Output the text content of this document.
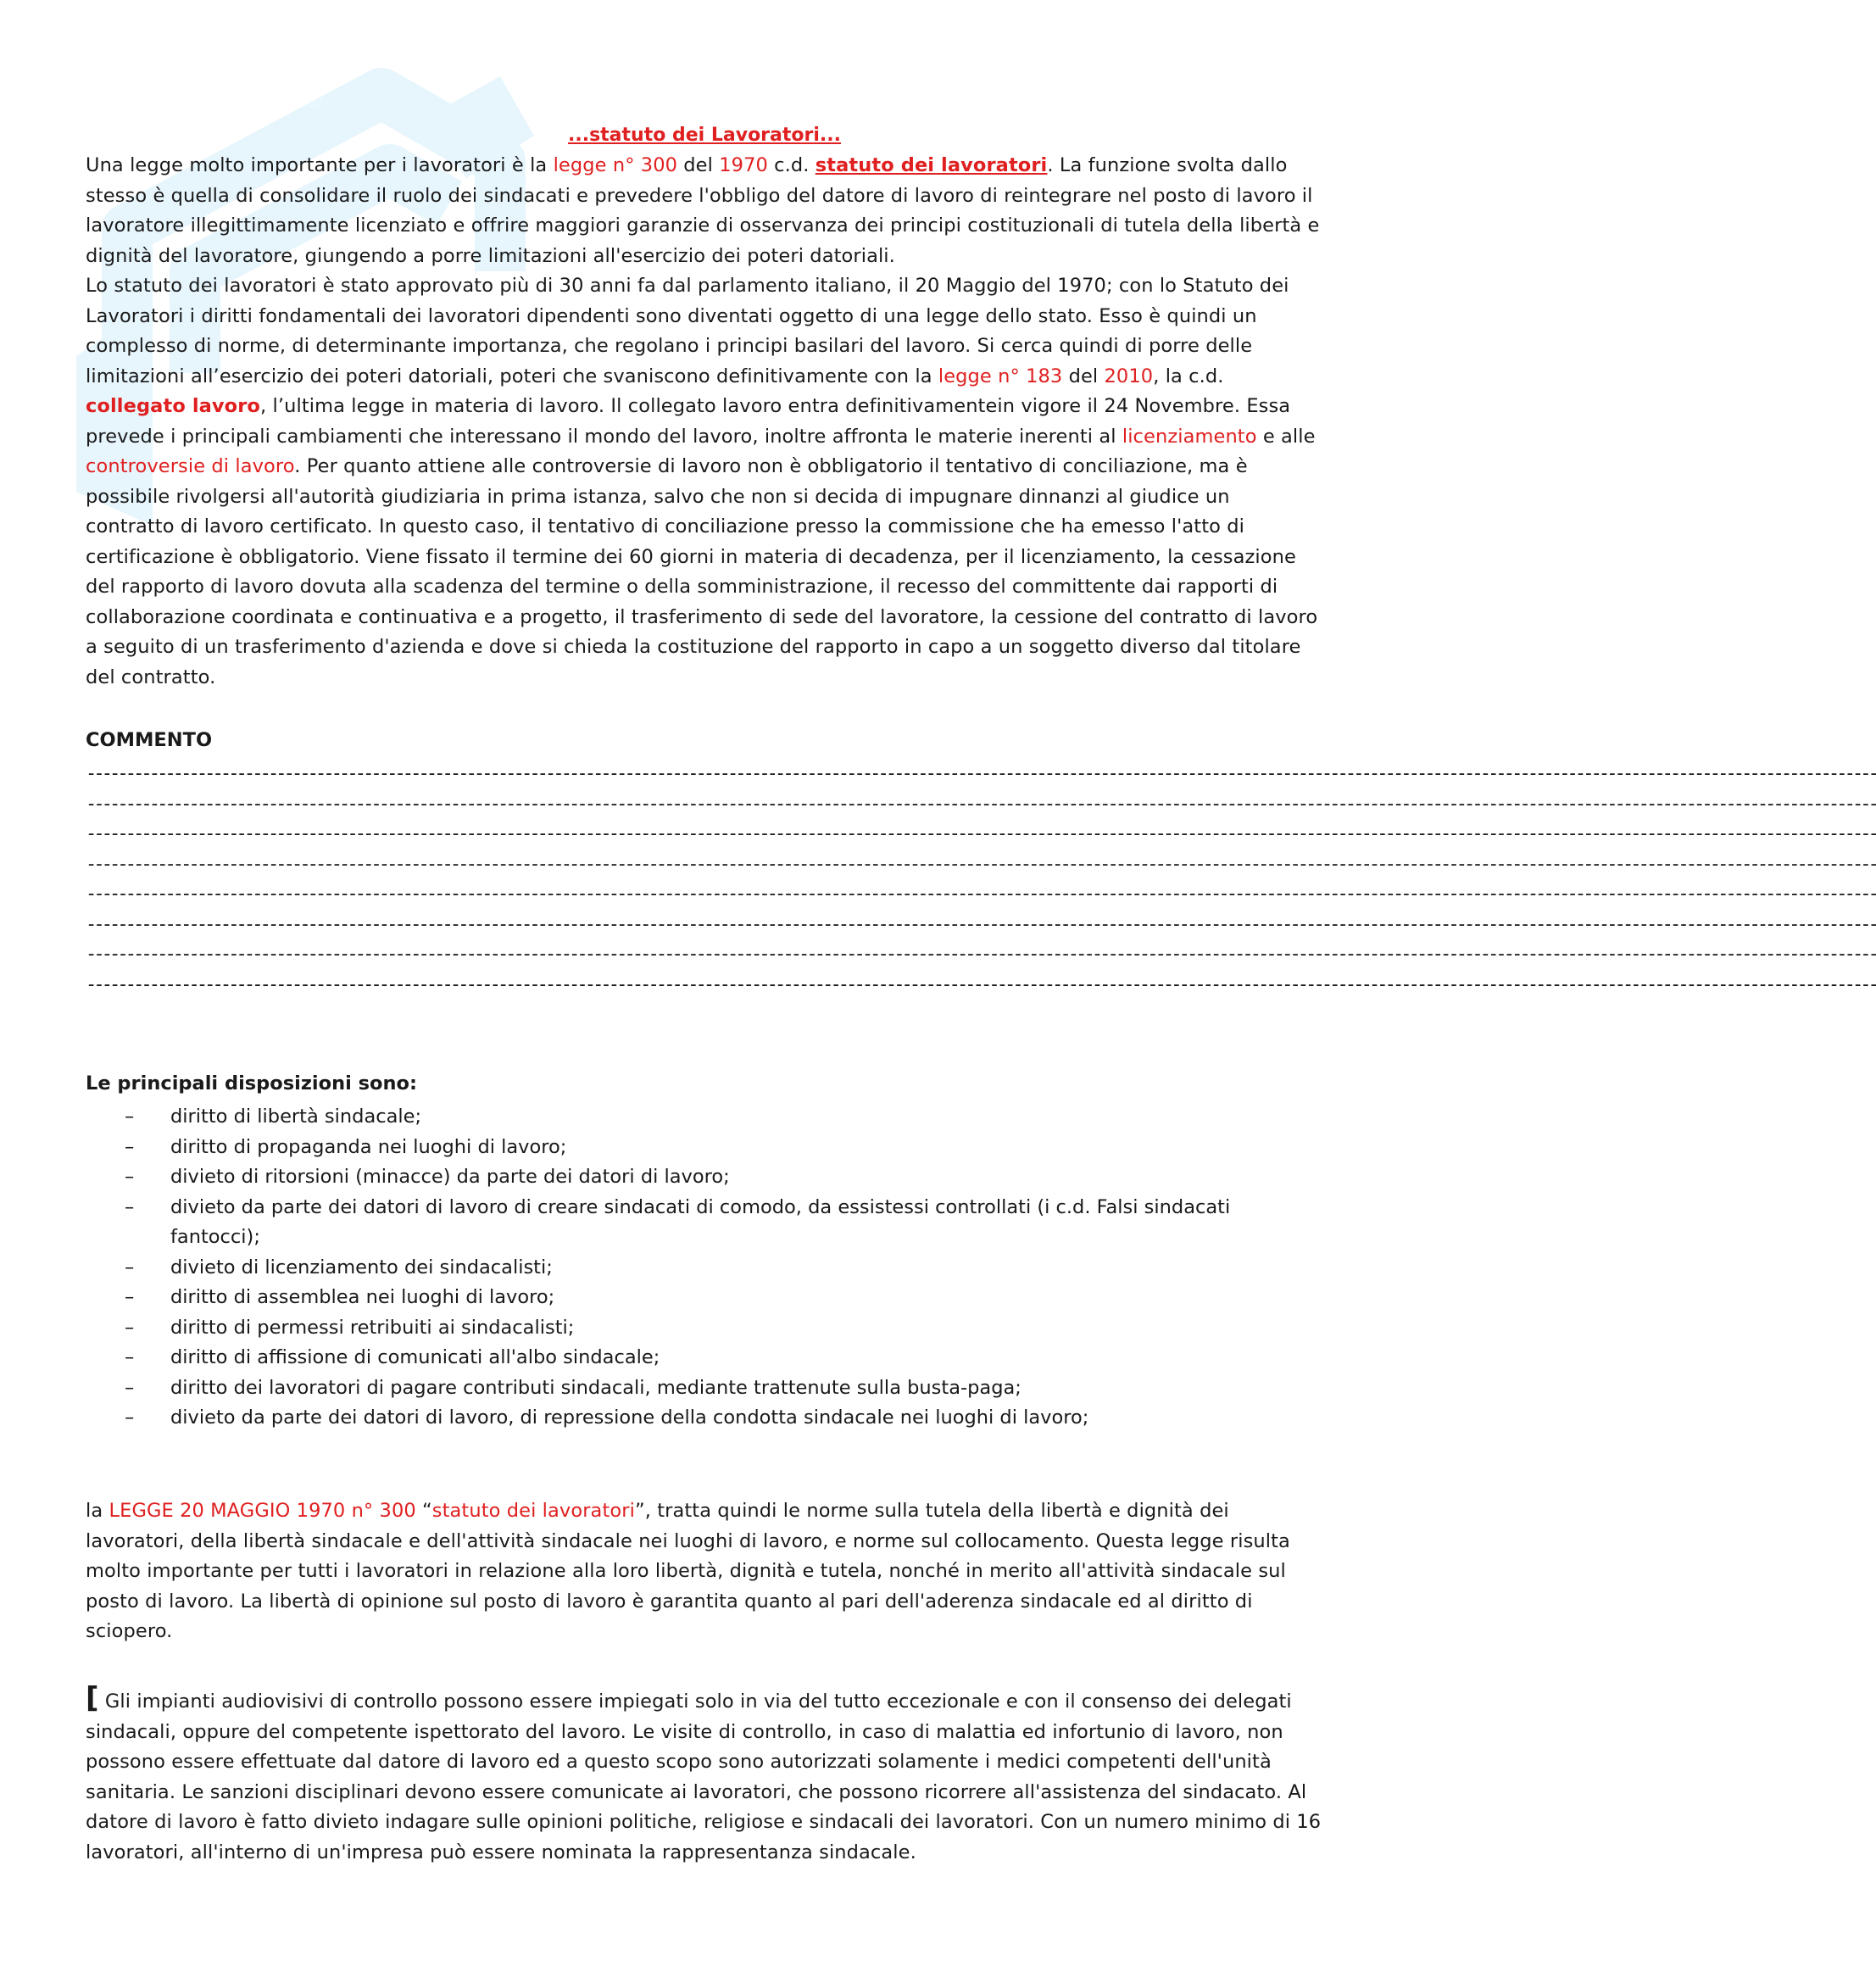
...statuto dei Lavoratori...

Una legge molto importante per i lavoratori è la legge n° 300 del 1970 c.d. statuto dei lavoratori. La funzione svolta dallo stesso è quella di consolidare il ruolo dei sindacati e prevedere l'obbligo del datore di lavoro di reintegrare nel posto di lavoro il lavoratore illegittimamente licenziato e offrire maggiori garanzie di osservanza dei principi costituzionali di tutela della libertà e dignità del lavoratore, giungendo a porre limitazioni all'esercizio dei poteri datoriali.

Lo statuto dei lavoratori è stato approvato più di 30 anni fa dal parlamento italiano, il 20 Maggio del 1970; con lo Statuto dei Lavoratori i diritti fondamentali dei lavoratori dipendenti sono diventati oggetto di una legge dello stato. Esso è quindi un complesso di norme, di determinante importanza, che regolano i principi basilari del lavoro. Si cerca quindi di porre delle limitazioni all’esercizio dei poteri datoriali, poteri che svaniscono definitivamente con la legge n° 183 del 2010, la c.d. collegato lavoro, l’ultima legge in materia di lavoro. Il collegato lavoro entra definitivamentein vigore il 24 Novembre. Essa prevede i principali cambiamenti che interessano il mondo del lavoro, inoltre affronta le materie inerenti al licenziamento e alle controversie di lavoro. Per quanto attiene alle controversie di lavoro non è obbligatorio il tentativo di conciliazione, ma è possibile rivolgersi all'autorità giudiziaria in prima istanza, salvo che non si decida di impugnare dinnanzi al giudice un contratto di lavoro certificato. In questo caso, il tentativo di conciliazione presso la commissione che ha emesso l'atto di certificazione è obbligatorio. Viene fissato il termine dei 60 giorni in materia di decadenza, per il licenziamento, la cessazione del rapporto di lavoro dovuta alla scadenza del termine o della somministrazione, il recesso del committente dai rapporti di collaborazione coordinata e continuativa e a progetto, il trasferimento di sede del lavoratore, la cessione del contratto di lavoro a seguito di un trasferimento d'azienda e dove si chieda la costituzione del rapporto in capo a un soggetto diverso dal titolare del contratto.

COMMENTO
----------------------------------------------------------------------------------------------------------------------------------------------------------------------------------------------------------------------------------
----------------------------------------------------------------------------------------------------------------------------------------------------------------------------------------------------------------------------------
----------------------------------------------------------------------------------------------------------------------------------------------------------------------------------------------------------------------------------
----------------------------------------------------------------------------------------------------------------------------------------------------------------------------------------------------------------------------------
----------------------------------------------------------------------------------------------------------------------------------------------------------------------------------------------------------------------------------
----------------------------------------------------------------------------------------------------------------------------------------------------------------------------------------------------------------------------------
----------------------------------------------------------------------------------------------------------------------------------------------------------------------------------------------------------------------------------
----------------------------------------------------------------------------------------------------------------------------------------------------------------------------------------------------------------------------------
Le principali disposizioni sono:
– diritto di libertà sindacale;
– diritto di propaganda nei luoghi di lavoro;
– divieto di ritorsioni (minacce) da parte dei datori di lavoro;
– divieto da parte dei datori di lavoro di creare sindacati di comodo, da essistessi controllati (i c.d. Falsi sindacati fantocci);
– divieto di licenziamento dei sindacalisti;
– diritto di assemblea nei luoghi di lavoro;
– diritto di permessi retribuiti ai sindacalisti;
– diritto di affissione di comunicati all'albo sindacale;
– diritto dei lavoratori di pagare contributi sindacali, mediante trattenute sulla busta-paga;
– divieto da parte dei datori di lavoro, di repressione della condotta sindacale nei luoghi di lavoro;

la LEGGE 20 MAGGIO 1970 n° 300 “statuto dei lavoratori”, tratta quindi le norme sulla tutela della libertà e dignità dei lavoratori, della libertà sindacale e dell'attività sindacale nei luoghi di lavoro, e norme sul collocamento. Questa legge risulta molto importante per tutti i lavoratori in relazione alla loro libertà, dignità e tutela, nonché in merito all'attività sindacale sul posto di lavoro. La libertà di opinione sul posto di lavoro è garantita quanto al pari dell'aderenza sindacale ed al diritto di sciopero.

[ Gli impianti audiovisivi di controllo possono essere impiegati solo in via del tutto eccezionale e con il consenso dei delegati sindacali, oppure del competente ispettorato del lavoro. Le visite di controllo, in caso di malattia ed infortunio di lavoro, non possono essere effettuate dal datore di lavoro ed a questo scopo sono autorizzati solamente i medici competenti dell'unità sanitaria. Le sanzioni disciplinari devono essere comunicate ai lavoratori, che possono ricorrere all'assistenza del sindacato. Al datore di lavoro è fatto divieto indagare sulle opinioni politiche, religiose e sindacali dei lavoratori. Con un numero minimo di 16 lavoratori, all'interno di un'impresa può essere nominata la rappresentanza sindacale.
